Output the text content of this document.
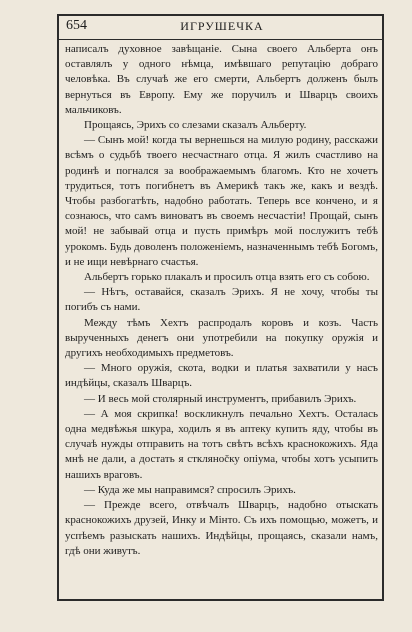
654	ИГРУШЕЧКА

написалъ духовное завѣщаніе. Сына своего Альберта онъ оставлялъ у одного нѣмца, имѣвшаго репутацію добраго человѣка. Въ случаѣ же его смерти, Альбертъ долженъ былъ вернуться въ Европу. Ему же поручилъ и Шварцъ своихъ мальчиковъ.

Прощаясь, Эрихъ со слезами сказалъ Альберту.

— Сынъ мой! когда ты вернешься на милую родину, расскажи всѣмъ о судьбѣ твоего несчастнаго отца. Я жилъ счастливо на родинѣ и погнался за воображаемымъ благомъ. Кто не хочетъ трудиться, тотъ погибнетъ въ Америкѣ такъ же, какъ и вездѣ. Чтобы разбогатѣть, надобно работать. Теперь все кончено, и я сознаюсь, что самъ виноватъ въ своемъ несчастіи! Прощай, сынъ мой! не забывай отца и пусть примѣръ мой послужитъ тебѣ урокомъ. Будь доволенъ положеніемъ, назначеннымъ тебѣ Богомъ, и не ищи невѣрнаго счастья.

Альбертъ горько плакалъ и просилъ отца взять его съ собою.

— Нѣтъ, оставайся, сказалъ Эрихъ. Я не хочу, чтобы ты погибъ съ нами.

Между тѣмъ Хехтъ распродалъ коровъ и козъ. Часть вырученныхъ денегъ они употребили на покупку оружія и другихъ необходимыхъ предметовъ.

— Много оружія, скота, водки и платья захватили у насъ индѣйцы, сказалъ Шварцъ.

— И весь мой столярный инструментъ, прибавилъ Эрихъ.

— А моя скрипка! воскликнулъ печально Хехтъ. Осталась одна медвѣжья шкура, ходилъ я въ аптеку купить яду, чтобы въ случаѣ нужды отправить на тотъ свѣтъ всѣхъ краснокожихъ. Яда мнѣ не дали, а достать я стклянočку опіума, чтобы хотъ усыпить нашихъ враговъ.

— Куда же мы направимся? спросилъ Эрихъ.

— Прежде всего, отвѣчалъ Шварцъ, надобно отыскать краснокожихъ друзей, Инку и Мінто. Съ ихъ помощью, можетъ, и успѣемъ разыскать нашихъ. Индѣйцы, прощаясь, сказали намъ, гдѣ они живутъ.
